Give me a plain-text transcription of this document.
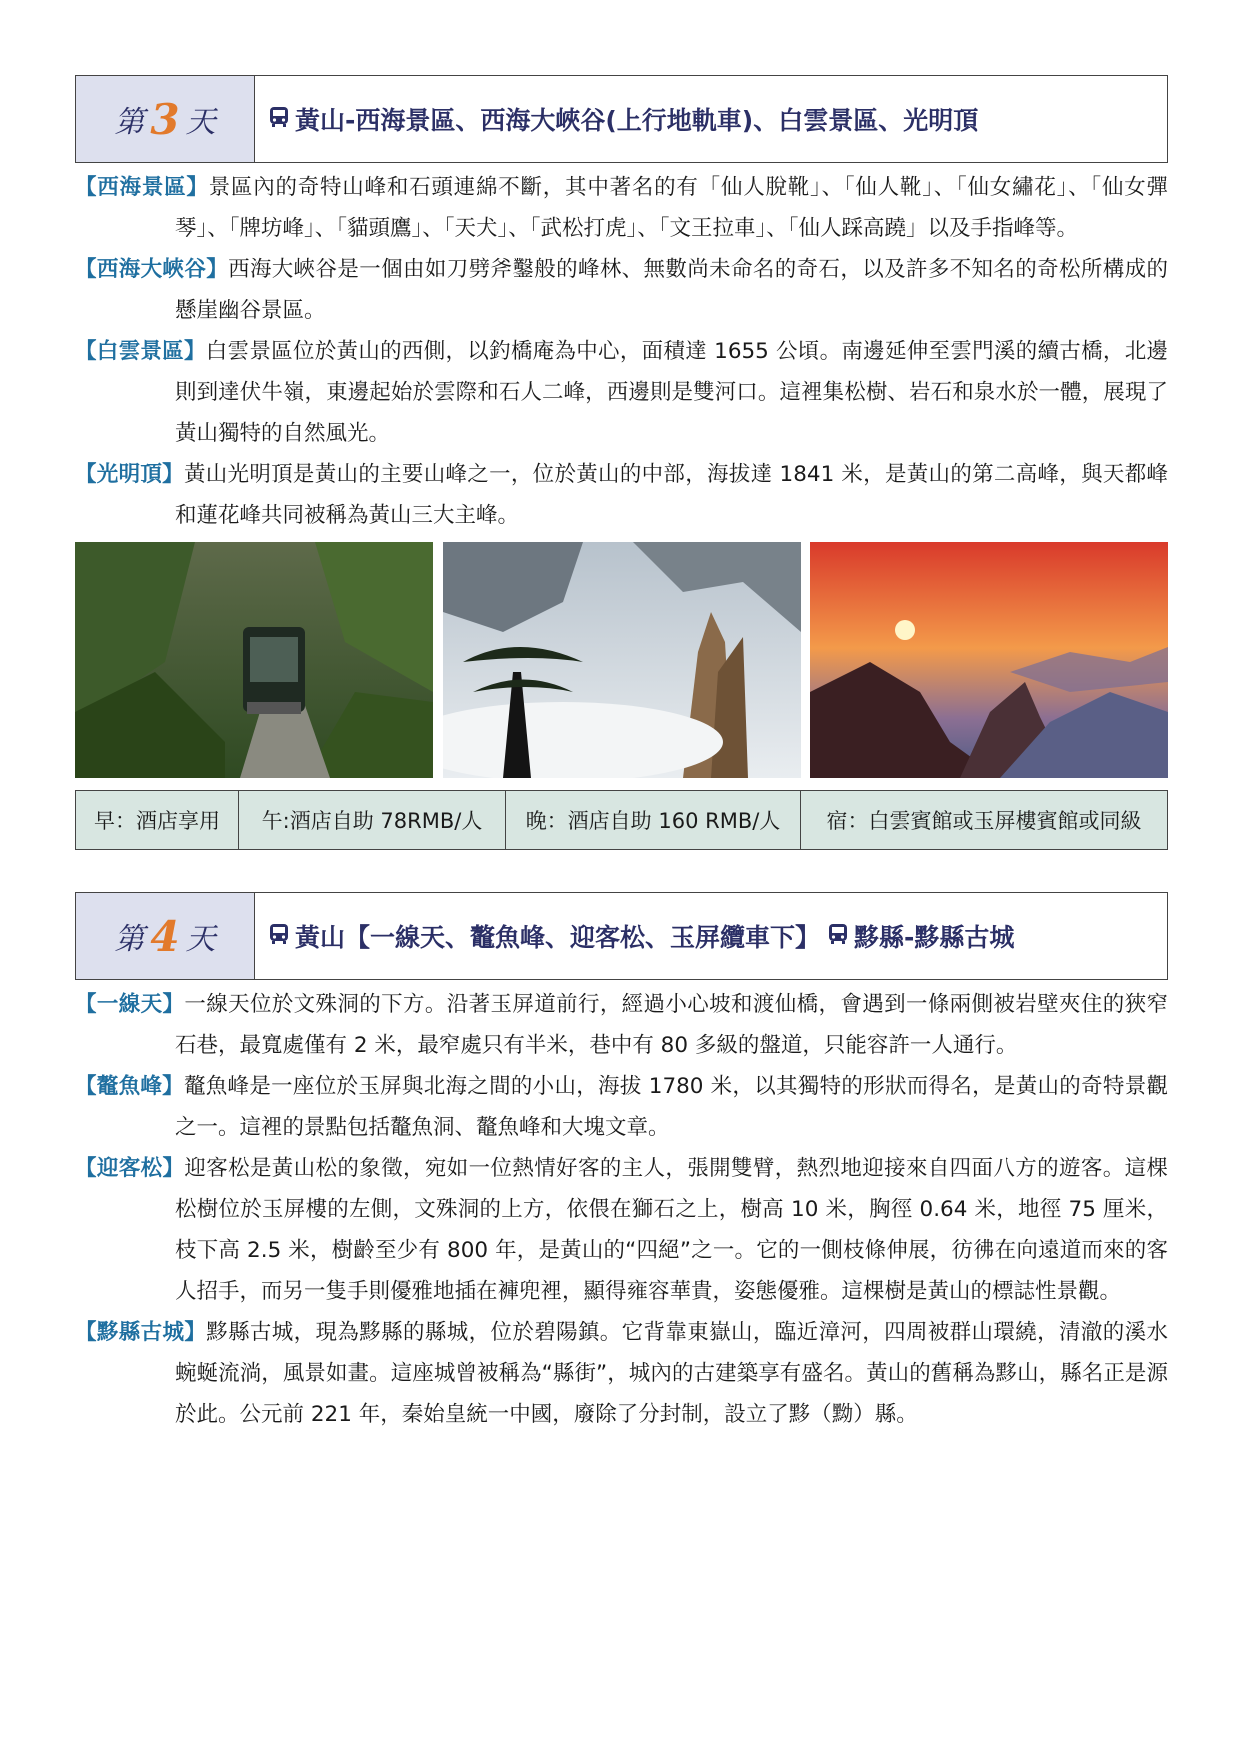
第 3 天	黃山-西海景區、西海大峽谷(上行地軌車)、白雲景區、光明頂

【西海景區】景區內的奇特山峰和石頭連綿不斷，其中著名的有「仙人脫靴」、「仙人靴」、「仙女繡花」、「仙女彈琴」、「牌坊峰」、「貓頭鷹」、「天犬」、「武松打虎」、「文王拉車」、「仙人踩高蹺」以及手指峰等。

【西海大峽谷】西海大峽谷是一個由如刀劈斧鑿般的峰林、無數尚未命名的奇石，以及許多不知名的奇松所構成的懸崖幽谷景區。

【白雲景區】白雲景區位於黃山的西側，以釣橋庵為中心，面積達 1655 公頃。南邊延伸至雲門溪的續古橋，北邊則到達伏牛嶺，東邊起始於雲際和石人二峰，西邊則是雙河口。這裡集松樹、岩石和泉水於一體，展現了黃山獨特的自然風光。

【光明頂】黃山光明頂是黃山的主要山峰之一，位於黃山的中部，海拔達 1841 米，是黃山的第二高峰，與天都峰和蓮花峰共同被稱為黃山三大主峰。

早：酒店享用	午:酒店自助 78RMB/人	晚：酒店自助 160 RMB/人	宿：白雲賓館或玉屏樓賓館或同級
第 4 天	黃山【一線天、鼇魚峰、迎客松、玉屏纜車下】 黟縣-黟縣古城

【一線天】一線天位於文殊洞的下方。沿著玉屏道前行，經過小心坡和渡仙橋，會遇到一條兩側被岩壁夾住的狹窄石巷，最寬處僅有 2 米，最窄處只有半米，巷中有 80 多級的盤道，只能容許一人通行。

【鼇魚峰】鼇魚峰是一座位於玉屏與北海之間的小山，海拔 1780 米，以其獨特的形狀而得名，是黃山的奇特景觀之一。這裡的景點包括鼇魚洞、鼇魚峰和大塊文章。

【迎客松】迎客松是黃山松的象徵，宛如一位熱情好客的主人，張開雙臂，熱烈地迎接來自四面八方的遊客。這棵松樹位於玉屏樓的左側，文殊洞的上方，依偎在獅石之上，樹高 10 米，胸徑 0.64 米，地徑 75 厘米，枝下高 2.5 米，樹齡至少有 800 年，是黃山的“四絕”之一。它的一側枝條伸展，彷彿在向遠道而來的客人招手，而另一隻手則優雅地插在褲兜裡，顯得雍容華貴，姿態優雅。這棵樹是黃山的標誌性景觀。

【黟縣古城】黟縣古城，現為黟縣的縣城，位於碧陽鎮。它背靠東嶽山，臨近漳河，四周被群山環繞，清澈的溪水蜿蜒流淌，風景如畫。這座城曾被稱為“縣街”，城內的古建築享有盛名。黃山的舊稱為黟山，縣名正是源於此。公元前 221 年，秦始皇統一中國，廢除了分封制，設立了黟（黝）縣。
